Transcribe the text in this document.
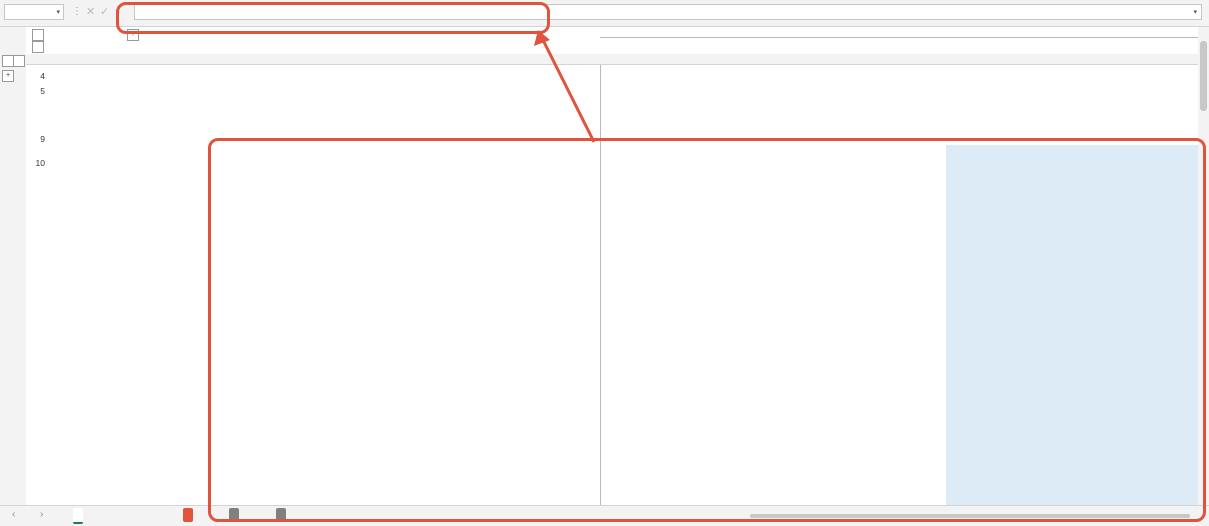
▾ ⋮ ✕ ✓	▾
+
+	4
5
9
10
‹ ›
